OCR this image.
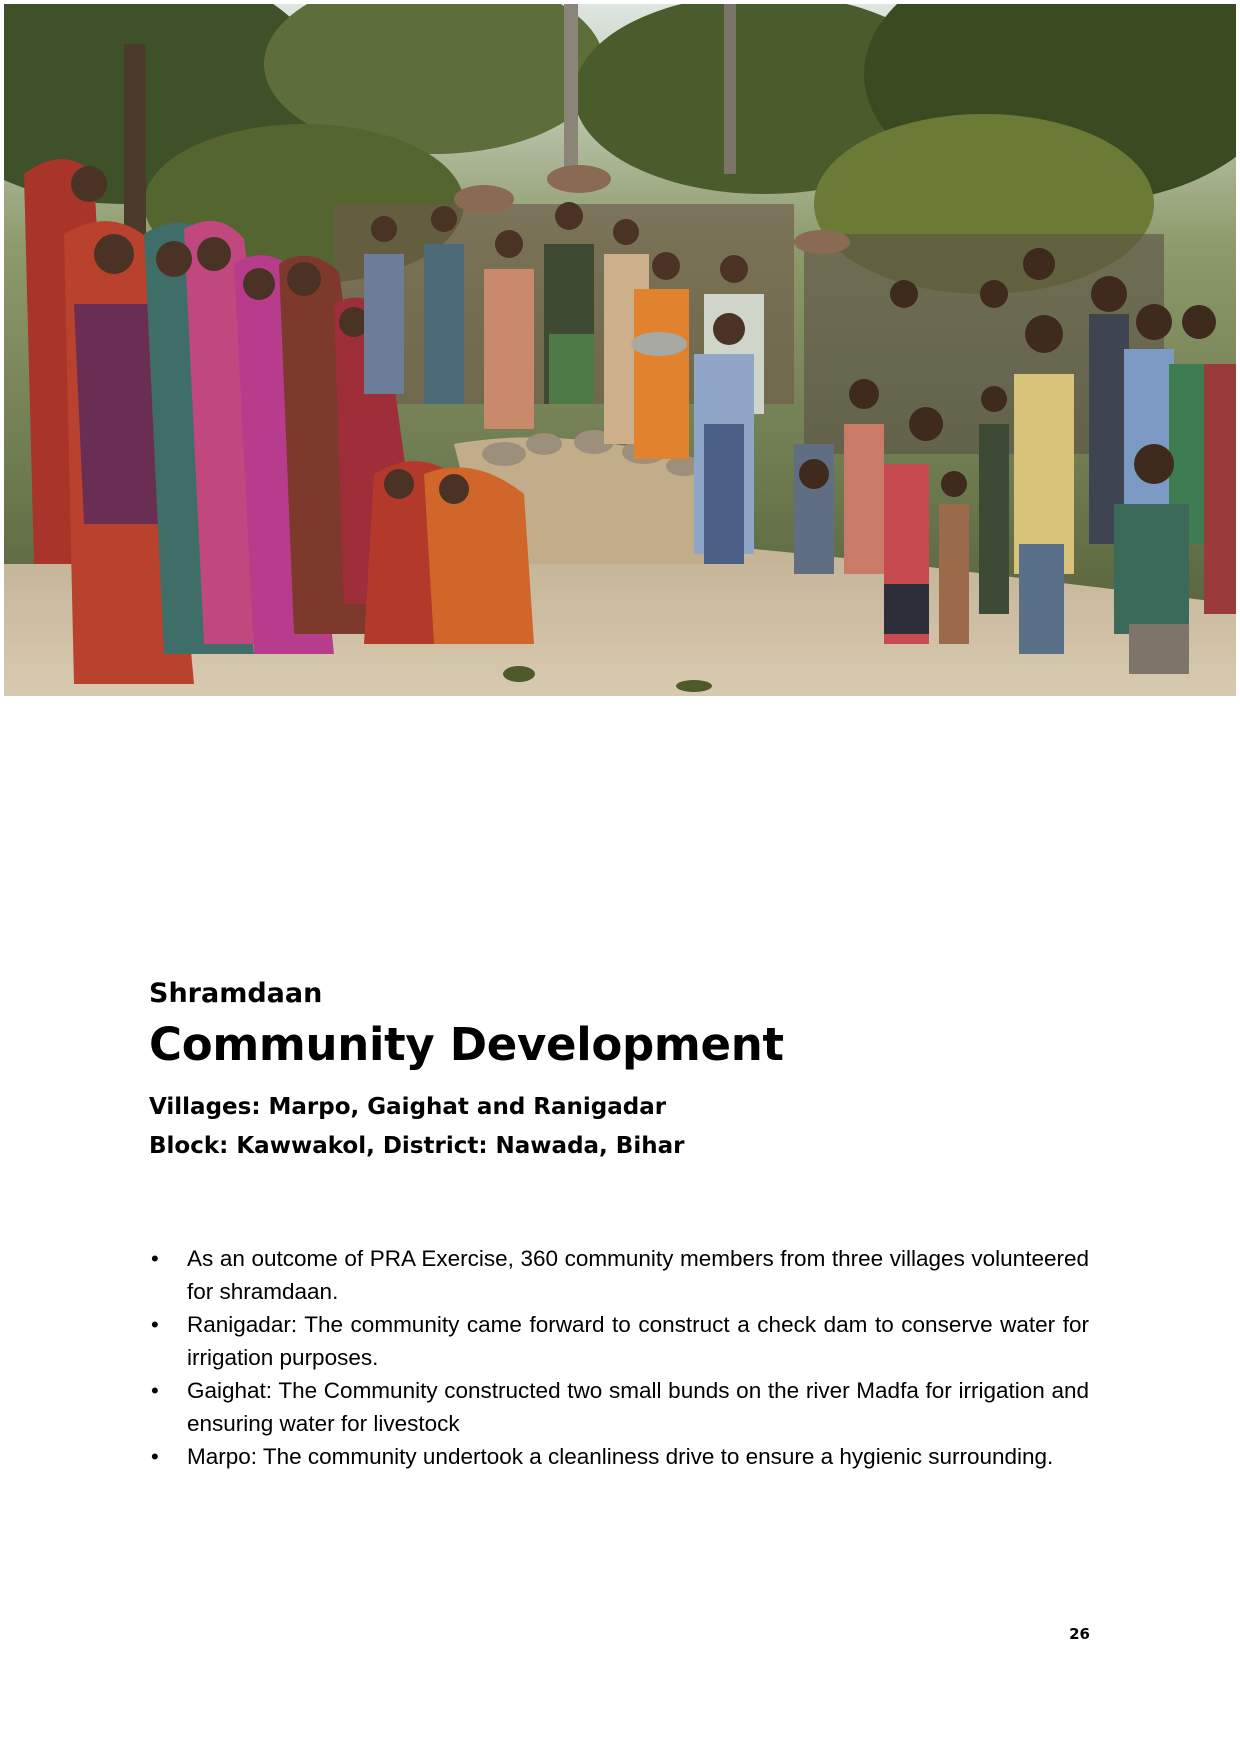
Shramdaan
Community Development
Villages: Marpo, Gaighat and Ranigadar
Block: Kawwakol, District: Nawada, Bihar
• As an outcome of PRA Exercise, 360 community members from three villages volunteered for shramdaan.
• Ranigadar: The community came forward to construct a check dam to conserve water for irrigation purposes.
• Gaighat: The Community constructed two small bunds on the river Madfa for irrigation and ensuring water for livestock
• Marpo: The community undertook a cleanliness drive to ensure a hygienic surrounding.
26
